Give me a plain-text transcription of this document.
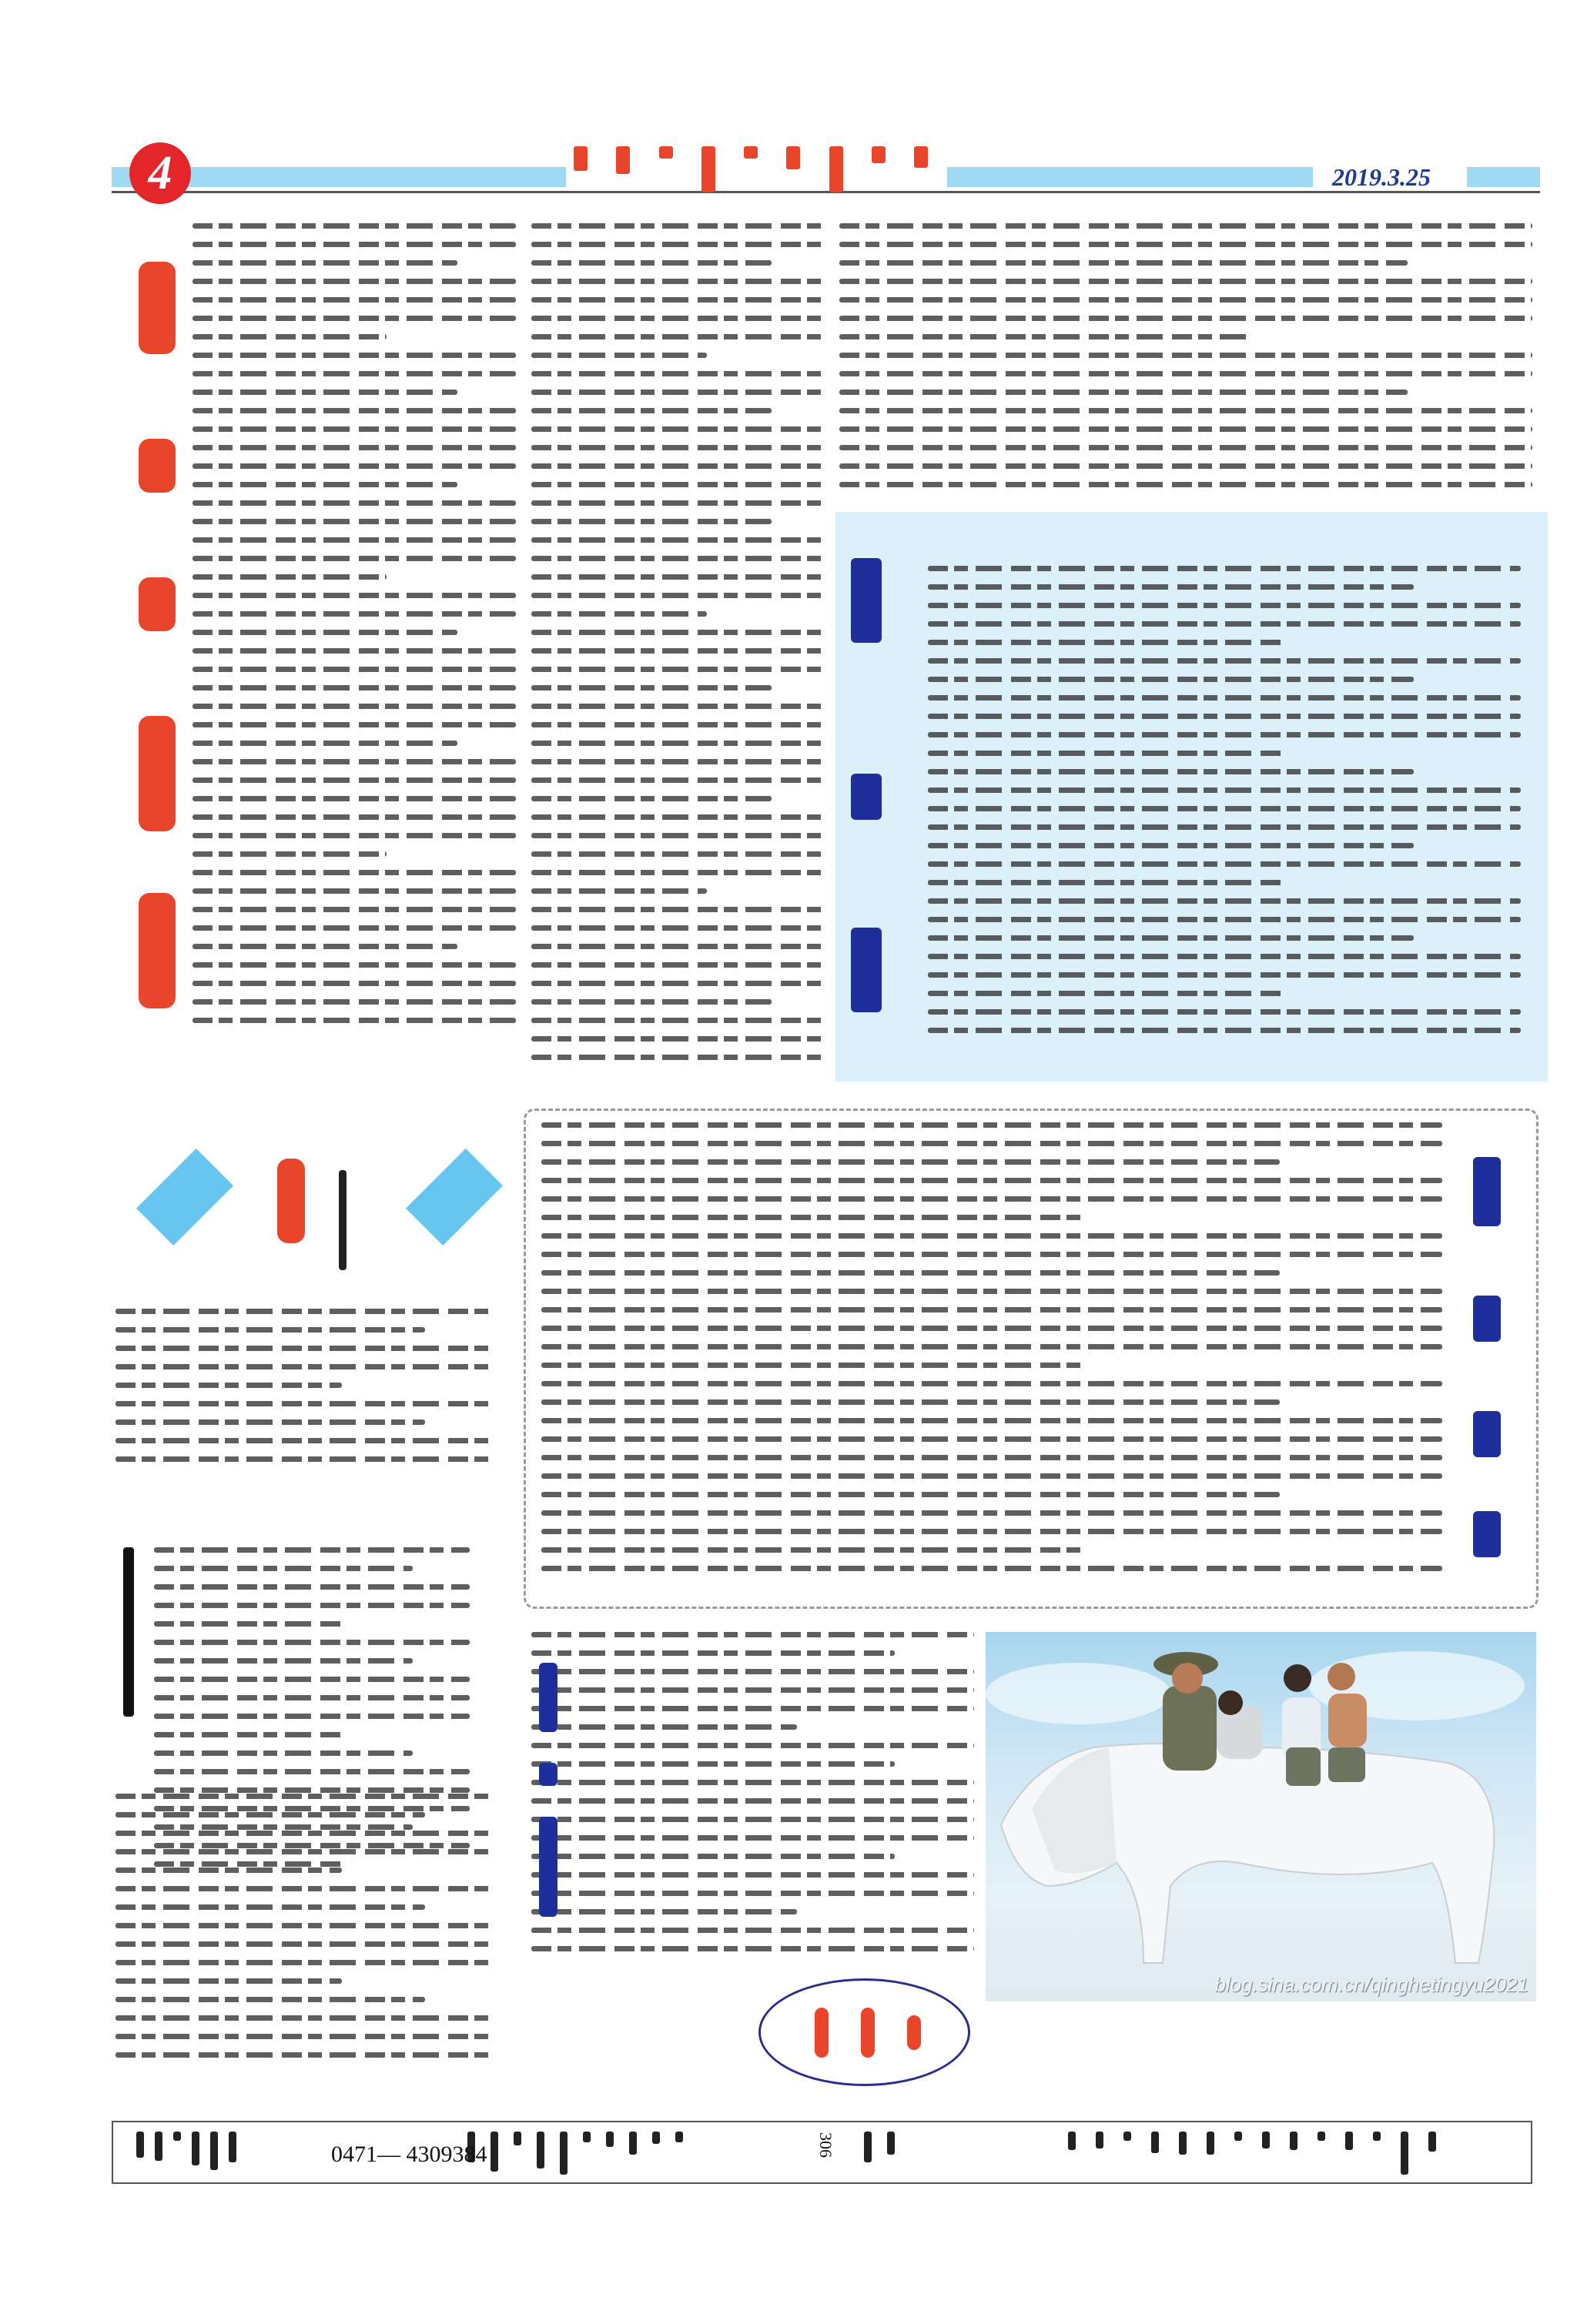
4	2019.3.25
blog.sina.com.cn/qinghetingyu2021
0471— 4309384	306
